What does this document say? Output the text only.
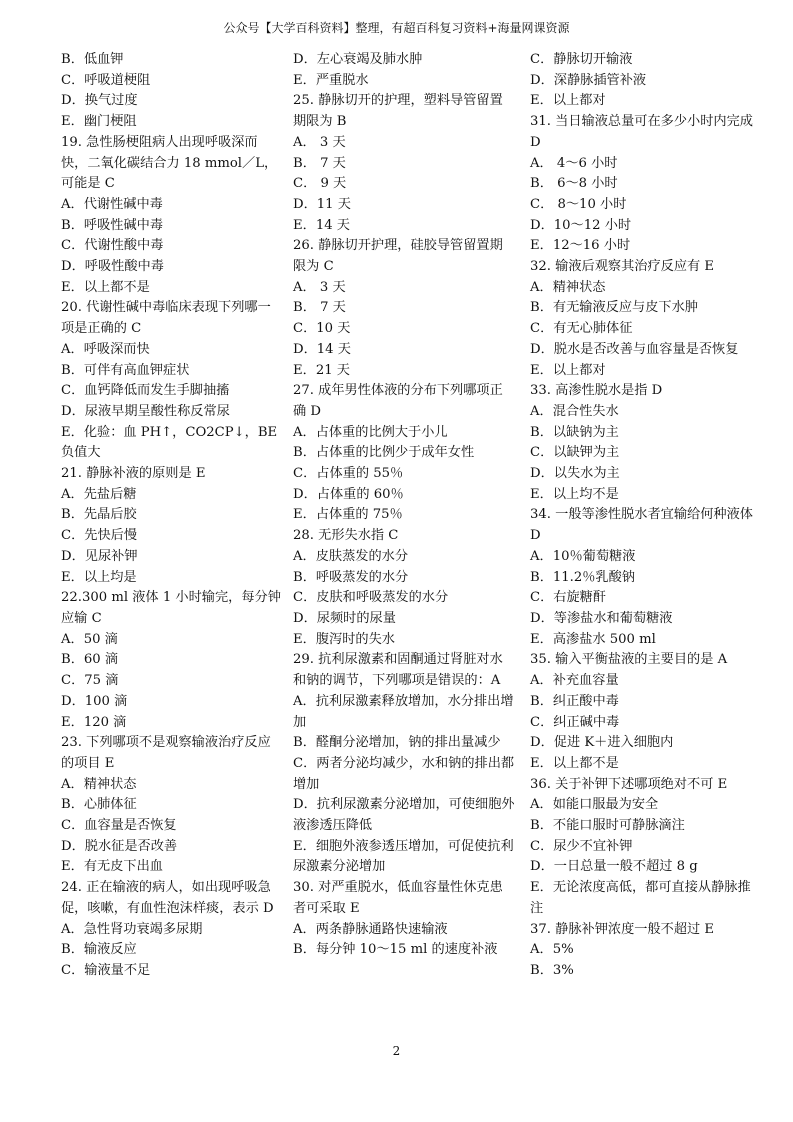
公众号【大学百科资料】整理，有超百科复习资料+海量网课资源

B．低血钾

C．呼吸道梗阻

D．换气过度

E．幽门梗阻

19. 急性肠梗阻病人出现呼吸深而快，二氧化碳结合力 18 mmol／L，可能是 C

A．代谢性碱中毒

B．呼吸性碱中毒

C．代谢性酸中毒

D．呼吸性酸中毒

E．以上都不是

20. 代谢性碱中毒临床表现下列哪一项是正确的 C

A．呼吸深而快

B．可伴有高血钾症状

C．血钙降低而发生手脚抽搐

D．尿液早期呈酸性称反常尿

E．化验：血 PH↑，CO2CP↓，BE 负值大

21. 静脉补液的原则是 E

A．先盐后糖

B．先晶后胶

C．先快后慢

D．见尿补钾

E．以上均是

22.300 ml 液体 1 小时输完，每分钟应输 C

A．50 滴

B．60 滴

C．75 滴

D．100 滴

E．120 滴

23. 下列哪项不是观察输液治疗反应的项目 E

A．精神状态

B．心肺体征

C．血容量是否恢复

D．脱水征是否改善

E．有无皮下出血

24. 正在输液的病人，如出现呼吸急促，咳嗽，有血性泡沫样痰，表示 D

A．急性肾功衰竭多尿期

B．输液反应

C．输液量不足

D．左心衰竭及肺水肿

E．严重脱水

25. 静脉切开的护理，塑料导管留置期限为 B

A． 3 天

B． 7 天

C． 9 天

D．11 天

E．14 天

26. 静脉切开护理，硅胶导管留置期限为 C

A． 3 天

B． 7 天

C．10 天

D．14 天

E．21 天

27. 成年男性体液的分布下列哪项正确 D

A．占体重的比例大于小儿

B．占体重的比例少于成年女性

C．占体重的 55％

D．占体重的 60％

E．占体重的 75％

28. 无形失水指 C

A．皮肤蒸发的水分

B．呼吸蒸发的水分

C．皮肤和呼吸蒸发的水分

D．尿频时的尿量

E．腹泻时的失水

29. 抗利尿激素和固酮通过肾脏对水和钠的调节，下列哪项是错误的：A

A．抗利尿激素释放增加，水分排出增加

B．醛酮分泌增加，钠的排出量减少

C．两者分泌均减少，水和钠的排出都增加

D．抗利尿激素分泌增加，可使细胞外液渗透压降低

E．细胞外液参透压增加，可促使抗利尿激素分泌增加

30. 对严重脱水，低血容量性休克患者可采取 E

A．两条静脉通路快速输液

B．每分钟 10～15 ml 的速度补液

C．静脉切开输液

D．深静脉插管补液

E．以上都对

31. 当日输液总量可在多少小时内完成 D

A． 4～6 小时

B． 6～8 小时

C． 8～10 小时

D．10～12 小时

E．12～16 小时

32. 输液后观察其治疗反应有 E

A．精神状态

B．有无输液反应与皮下水肿

C．有无心肺体征

D．脱水是否改善与血容量是否恢复

E．以上都对

33. 高渗性脱水是指 D

A．混合性失水

B．以缺钠为主

C．以缺钾为主

D．以失水为主

E．以上均不是

34. 一般等渗性脱水者宜输给何种液体 D

A．10％葡萄糖液

B．11.2％乳酸钠

C．右旋糖酐

D．等渗盐水和葡萄糖液

E．高渗盐水 500 ml

35. 输入平衡盐液的主要目的是 A

A．补充血容量

B．纠正酸中毒

C．纠正碱中毒

D．促进 K＋进入细胞内

E．以上都不是

36. 关于补钾下述哪项绝对不可 E

A．如能口服最为安全

B．不能口服时可静脉滴注

C．尿少不宜补钾

D．一日总量一般不超过 8 g

E．无论浓度高低，都可直接从静脉推注

37. 静脉补钾浓度一般不超过 E

A．5%

B．3%

2
